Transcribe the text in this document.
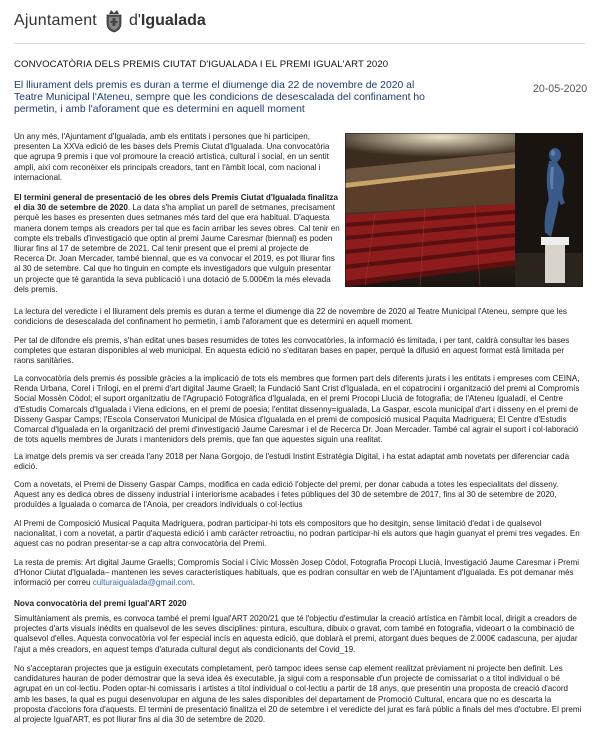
Ajuntament d'Igualada
CONVOCATÒRIA DELS PREMIS CIUTAT D'IGUALADA I EL PREMI IGUAL'ART 2020
El lliurament dels premis es duran a terme el diumenge dia 22 de novembre de 2020 al Teatre Municipal l'Ateneu, sempre que les condicions de desescalada del confinament ho permetin, i amb l'aforament que es determini en aquell moment
20-05-2020
Un any més, l'Ajuntament d'Igualada, amb els entitats i persones que hi participen, presenten La XXVa edició de les bases dels Premis Ciutat d'Igualada. Una convocatòria que agrupa 9 premis i que vol promoure la creació artística, cultural i social, en un sentit ampli, així com reconèixer els principals creadors, tant en l'àmbit local, com nacional i internacional.
El termini general de presentació de les obres dels Premis Ciutat d'Igualada finalitza el dia 30 de setembre de 2020. La data s'ha ampliat un parell de setmanes, precisament perquè les bases es presenten dues setmanes més tard del que era habitual. D'aquesta manera donem temps als creadors per tal que es facin arribar les seves obres. Cal tenir en compte els treballs d'investigació que optin al premi Jaume Caresmar (biennal) es poden lliurar fins al 17 de setembre de 2021. Cal tenir present que el premi al projecte de Recerca Dr. Joan Mercader, també biennal, que es va convocar el 2019, es pot lliurar fins al 30 de setembre. Cal que ho tinguin en compte els investigadors que vulguin presentar un projecte que té garantida la seva publicació i una dotació de 5.000€m la més elevada dels premis.
La lectura del veredicte i el lliurament dels premis es duran a terme el diumenge dia 22 de novembre de 2020 al Teatre Municipal l'Ateneu, sempre que les condicions de desescalada del confinament ho permetin, i amb l'aforament que es determini en aquell moment.
Per tal de difondre els premis, s'han editat unes bases resumides de totes les convocatòries, la informació és limitada, i per tant, caldrà consultar les bases completes que estaran disponibles al web municipal. En aquesta edició no s'editaran bases en paper, perquè la difusió en aquest format està limitada per raons sanitàries.
La convocatòria dels premis és possible gràcies a la implicació de tots els membres que formen part dels diferents jurats i les entitats i empreses com CEINA, Renda Urbana, Corel i Trilogi, en el premi d'art digital Jaume Graell; la Fundació Sant Crist d'Igualada, en el copatrocini i organització del premi al Compromís Social Mossèn Còdol; el suport organitzatiu de l'Agrupació Fotogràfica d'Igualada, en el premi Procopi Llucià de fotografia; de l'Ateneu Igualadí, el Centre d'Estudis Comarcals d'Igualada i Viena edicions, en el premi de poesia; l'entitat dissenny=igualada, La Gaspar, escola municipal d'art i disseny en el premi de Disseny Gaspar Camps; l'Escola Conservatori Municipal de Música d'Igualada en el premi de composició musical Paquita Madriguera; El Centre d'Estudis Comarcal d'Igualada en la organització del premi d'investigació Jaume Caresmar i el de Recerca Dr. Joan Mercader. També cal agrair el suport i col·laboració de tots aquells membres de Jurats i mantenidors dels premis, que fan que aquestes siguin una realitat.
La imatge dels premis va ser creada l'any 2018 per Nana Gorgojo, de l'estudi Instint Estratègia Digital, i ha estat adaptat amb novetats per diferenciar cada edició.
Com a novetats, el Premi de Disseny Gaspar Camps, modifica en cada edició l'objecte del premi, per donar cabuda a totes les especialitats del disseny. Aquest any es dedica obres de disseny industrial i interiorisme acabades i fetes públiques del 30 de setembre de 2017, fins al 30 de setembre de 2020, produïdes a Igualada o comarca de l'Anoia, per creadors individuals o col·lectius
Al Premi de Composició Musical Paquita Madriguera, podran participar-hi tots els compositors que ho desitgin, sense limitació d'edat i de qualsevol nacionalitat, i com a novetat, a partir d'aquesta edició i amb caràcter retroactiu, no podran participar-hi els autors que hagin guanyat el premi tres vegades. En aquest cas no podran presentar-se a cap altra convocatòria del Premi.
La resta de premis: Art digital Jaume Graells; Compromís Social i Cívic Mossèn Josep Còdol, Fotografia Procopi Llucià, Investigació Jaume Caresmar i Premi d'Honor Ciutat d'Igualada– mantenen les seves característiques habituals, que es podran consultar en web de l'Ajuntament d'Igualada. Es pot demanar més informació per correu culturaigualada@gmail.com.
Nova convocatòria del premi Igual'ART 2020
Simultàniament als premis, es convoca també el premi Igual'ART 2020/21 que té l'objectiu d'estimular la creació artística en l'àmbit local, dirigit a creadors de projectes d'arts visuals inèdits en qualsevol de les seves disciplines: pintura, escultura, dibuix o gravat, com també en fotografia, videoart o la combinació de qualsevol d'elles. Aquesta convocatòria vol fer especial incís en aquesta edició, que doblarà el premi, atorgant dues beques de 2.000€ cadascuna, per ajudar l'ajut a més creadors, en aquest temps d'aturada cultural degut als condicionants del Covid_19.
No s'acceptaran projectes que ja estiguin executats completament, però tampoc idees sense cap element realitzat prèviament ni projecte ben definit. Les candidatures hauran de poder demostrar que la seva idea és executable, ja sigui com a responsable d'un projecte de comissariat o a títol individual o bé agrupat en un col·lectiu. Poden optar-hi comissaris i artistes a títol individual o col·lectiu a partir de 18 anys, que presentin una proposta de creació d'acord amb les bases, la qual es pugui desenvolupar en alguna de les sales disponibles del departament de Promoció Cultural, encara que no es descarta la proposta d'accions fora d'aquests. El termini de presentació finalitza el 20 de setembre i el veredicte del jurat es farà públic a finals del mes d'octubre. El premi al projecte Igual'ART, es pot lliurar fins al dia 30 de setembre de 2020.
